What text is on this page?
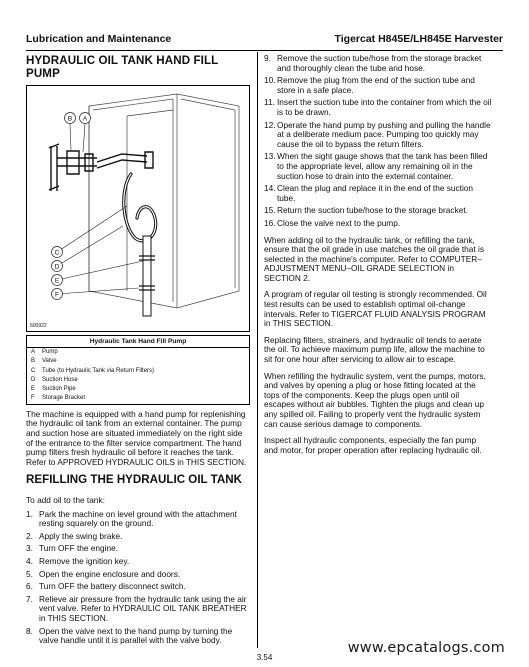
Lubrication and Maintenance	Tigercat H845E/LH845E Harvester
HYDRAULIC OIL TANK HAND FILL PUMP
B A
C
D
E
F
600922
Hydraulic Tank Hand Fill Pump
A	Pump
B	Valve
C	Tube (to Hydraulic Tank via Return Filters)
D	Suction Hose
E	Suction Pipe
F	Storage Bracket

The machine is equipped with a hand pump for replenishing the hydraulic oil tank from an external container. The pump and suction hose are situated immediately on the right side of the entrance to the filter service compartment. The hand pump filters fresh hydraulic oil before it reaches the tank. Refer to APPROVED HYDRAULIC OILS in THIS SECTION.

REFILLING THE HYDRAULIC OIL TANK

To add oil to the tank:

1. Park the machine on level ground with the attachment resting squarely on the ground.
2. Apply the swing brake.
3. Turn OFF the engine.
4. Remove the ignition key.
5. Open the engine enclosure and doors.
6. Turn OFF the battery disconnect switch.
7. Relieve air pressure from the hydraulic tank using the air vent valve. Refer to HYDRAULIC OIL TANK BREATHER in THIS SECTION.
8. Open the valve next to the hand pump by turning the valve handle until it is parallel with the valve body.
9. Remove the suction tube/hose from the storage bracket and thoroughly clean the tube and hose.
10. Remove the plug from the end of the suction tube and store in a safe place.
11. Insert the suction tube into the container from which the oil is to be drawn.
12. Operate the hand pump by pushing and pulling the handle at a deliberate medium pace. Pumping too quickly may cause the oil to bypass the return filters.
13. When the sight gauge shows that the tank has been filled to the appropriate level, allow any remaining oil in the suction hose to drain into the external container.
14. Clean the plug and replace it in the end of the suction tube.
15. Return the suction tube/hose to the storage bracket.
16. Close the valve next to the pump.

When adding oil to the hydraulic tank, or refilling the tank, ensure that the oil grade in use matches the oil grade that is selected in the machine's computer. Refer to COMPUTER–ADJUSTMENT MENU–OIL GRADE SELECTION in SECTION 2.

A program of regular oil testing is strongly recommended. Oil test results can be used to establish optimal oil-change intervals. Refer to TIGERCAT FLUID ANALYSIS PROGRAM in THIS SECTION.

Replacing filters, strainers, and hydraulic oil tends to aerate the oil. To achieve maximum pump life, allow the machine to sit for one hour after servicing to allow air to escape.

When refilling the hydraulic system, vent the pumps, motors, and valves by opening a plug or hose fitting located at the tops of the components. Keep the plugs open until oil escapes without air bubbles. Tighten the plugs and clean up any spilled oil. Failing to properly vent the hydraulic system can cause serious damage to components.

Inspect all hydraulic components, especially the fan pump and motor, for proper operation after replacing hydraulic oil.

3.54
www.epcatalogs.com
